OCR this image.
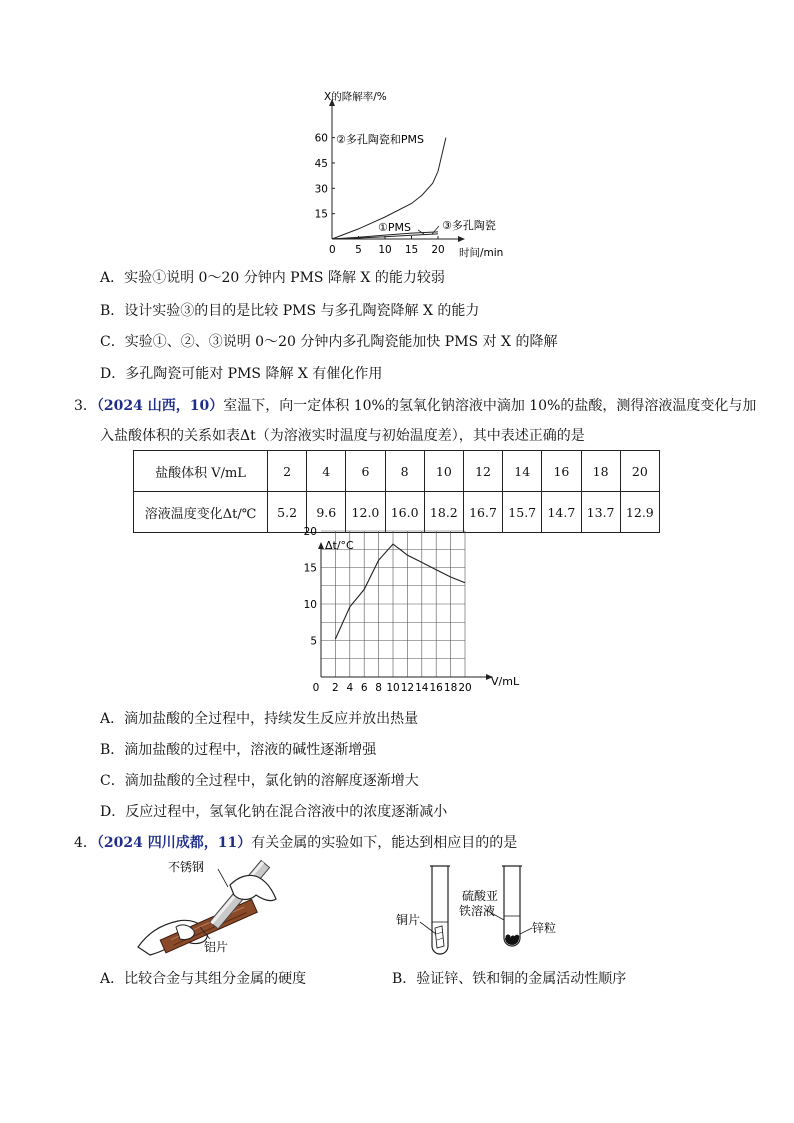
X的降解率/%
时间/min
0 5 10 15 20
15
30
45
60 ②多孔陶瓷和PMS
①PMS	③多孔陶瓷
A．实验①说明 0～20 分钟内 PMS 降解 X 的能力较弱
B．设计实验③的目的是比较 PMS 与多孔陶瓷降解 X 的能力
C．实验①、②、③说明 0～20 分钟内多孔陶瓷能加快 PMS 对 X 的降解
D．多孔陶瓷可能对 PMS 降解 X 有催化作用
3．（2024 山西，10）室温下，向一定体积 10%的氢氧化钠溶液中滴加 10%的盐酸，测得溶液温度变化与加
入盐酸体积的关系如表Δt（为溶液实时温度与初始温度差），其中表述正确的是
盐酸体积 V/mL	2	4	6	8	10	12	14	16	18	20
溶液温度变化Δt/℃	5.2	9.6	12.0	16.0	18.2	16.7	15.7	14.7	13.7	12.9
Δt/°C
V/mL
0 2 4 6 8 10 12 14 16 18 20
5
10
15
20
A．滴加盐酸的全过程中，持续发生反应并放出热量
B．滴加盐酸的过程中，溶液的碱性逐渐增强
C．滴加盐酸的全过程中，氯化钠的溶解度逐渐增大
D．反应过程中，氢氧化钠在混合溶液中的浓度逐渐减小
4．（2024 四川成都，11）有关金属的实验如下，能达到相应目的的是
不锈钢
铝片
铜片
硫酸亚
铁溶液
锌粒
A．比较合金与其组分金属的硬度	B．验证锌、铁和铜的金属活动性顺序
